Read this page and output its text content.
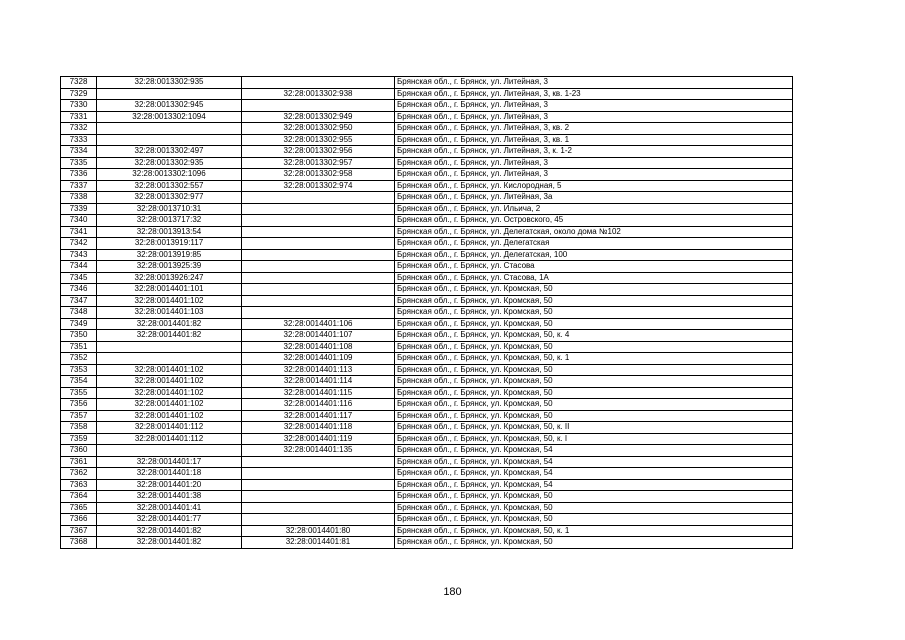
7328	32:28:0013302:935		Брянская обл., г. Брянск, ул. Литейная, 3
7329		32:28:0013302:938	Брянская обл., г. Брянск, ул. Литейная, 3, кв. 1-23
7330	32:28:0013302:945		Брянская обл., г. Брянск, ул. Литейная, 3
7331	32:28:0013302:1094	32:28:0013302:949	Брянская обл., г. Брянск, ул. Литейная, 3
7332		32:28:0013302:950	Брянская обл., г. Брянск, ул. Литейная, 3, кв. 2
7333		32:28:0013302:955	Брянская обл., г. Брянск, ул. Литейная, 3, кв. 1
7334	32:28:0013302:497	32:28:0013302:956	Брянская обл., г. Брянск, ул. Литейная, 3, к. 1-2
7335	32:28:0013302:935	32:28:0013302:957	Брянская обл., г. Брянск, ул. Литейная, 3
7336	32:28:0013302:1096	32:28:0013302:958	Брянская обл., г. Брянск, ул. Литейная, 3
7337	32:28:0013302:557	32:28:0013302:974	Брянская обл., г. Брянск, ул. Кислородная, 5
7338	32:28:0013302:977		Брянская обл., г. Брянск, ул. Литейная, 3а
7339	32:28:0013710:31		Брянская обл., г. Брянск, ул. Ильича, 2
7340	32:28:0013717:32		Брянская обл., г. Брянск, ул. Островского, 45
7341	32:28:0013913:54		Брянская обл., г. Брянск, ул. Делегатская, около дома №102
7342	32:28:0013919:117		Брянская обл., г. Брянск, ул. Делегатская
7343	32:28:0013919:85		Брянская обл., г. Брянск, ул. Делегатская, 100
7344	32:28:0013925:39		Брянская обл., г. Брянск, ул. Стасова
7345	32:28:0013926:247		Брянская обл., г. Брянск, ул. Стасова, 1А
7346	32:28:0014401:101		Брянская обл., г. Брянск, ул. Кромская, 50
7347	32:28:0014401:102		Брянская обл., г. Брянск, ул. Кромская, 50
7348	32:28:0014401:103		Брянская обл., г. Брянск, ул. Кромская, 50
7349	32:28:0014401:82	32:28:0014401:106	Брянская обл., г. Брянск, ул. Кромская, 50
7350	32:28:0014401:82	32:28:0014401:107	Брянская обл., г. Брянск, ул. Кромская, 50, к. 4
7351		32:28:0014401:108	Брянская обл., г. Брянск, ул. Кромская, 50
7352		32:28:0014401:109	Брянская обл., г. Брянск, ул. Кромская, 50, к. 1
7353	32:28:0014401:102	32:28:0014401:113	Брянская обл., г. Брянск, ул. Кромская, 50
7354	32:28:0014401:102	32:28:0014401:114	Брянская обл., г. Брянск, ул. Кромская, 50
7355	32:28:0014401:102	32:28:0014401:115	Брянская обл., г. Брянск, ул. Кромская, 50
7356	32:28:0014401:102	32:28:0014401:116	Брянская обл., г. Брянск, ул. Кромская, 50
7357	32:28:0014401:102	32:28:0014401:117	Брянская обл., г. Брянск, ул. Кромская, 50
7358	32:28:0014401:112	32:28:0014401:118	Брянская обл., г. Брянск, ул. Кромская, 50, к. II
7359	32:28:0014401:112	32:28:0014401:119	Брянская обл., г. Брянск, ул. Кромская, 50, к. I
7360		32:28:0014401:135	Брянская обл., г. Брянск, ул. Кромская, 54
7361	32:28:0014401:17		Брянская обл., г. Брянск, ул. Кромская, 54
7362	32:28:0014401:18		Брянская обл., г. Брянск, ул. Кромская, 54
7363	32:28:0014401:20		Брянская обл., г. Брянск, ул. Кромская, 54
7364	32:28:0014401:38		Брянская обл., г. Брянск, ул. Кромская, 50
7365	32:28:0014401:41		Брянская обл., г. Брянск, ул. Кромская, 50
7366	32:28:0014401:77		Брянская обл., г. Брянск, ул. Кромская, 50
7367	32:28:0014401:82	32:28:0014401:80	Брянская обл., г. Брянск, ул. Кромская, 50, к. 1
7368	32:28:0014401:82	32:28:0014401:81	Брянская обл., г. Брянск, ул. Кромская, 50
180
